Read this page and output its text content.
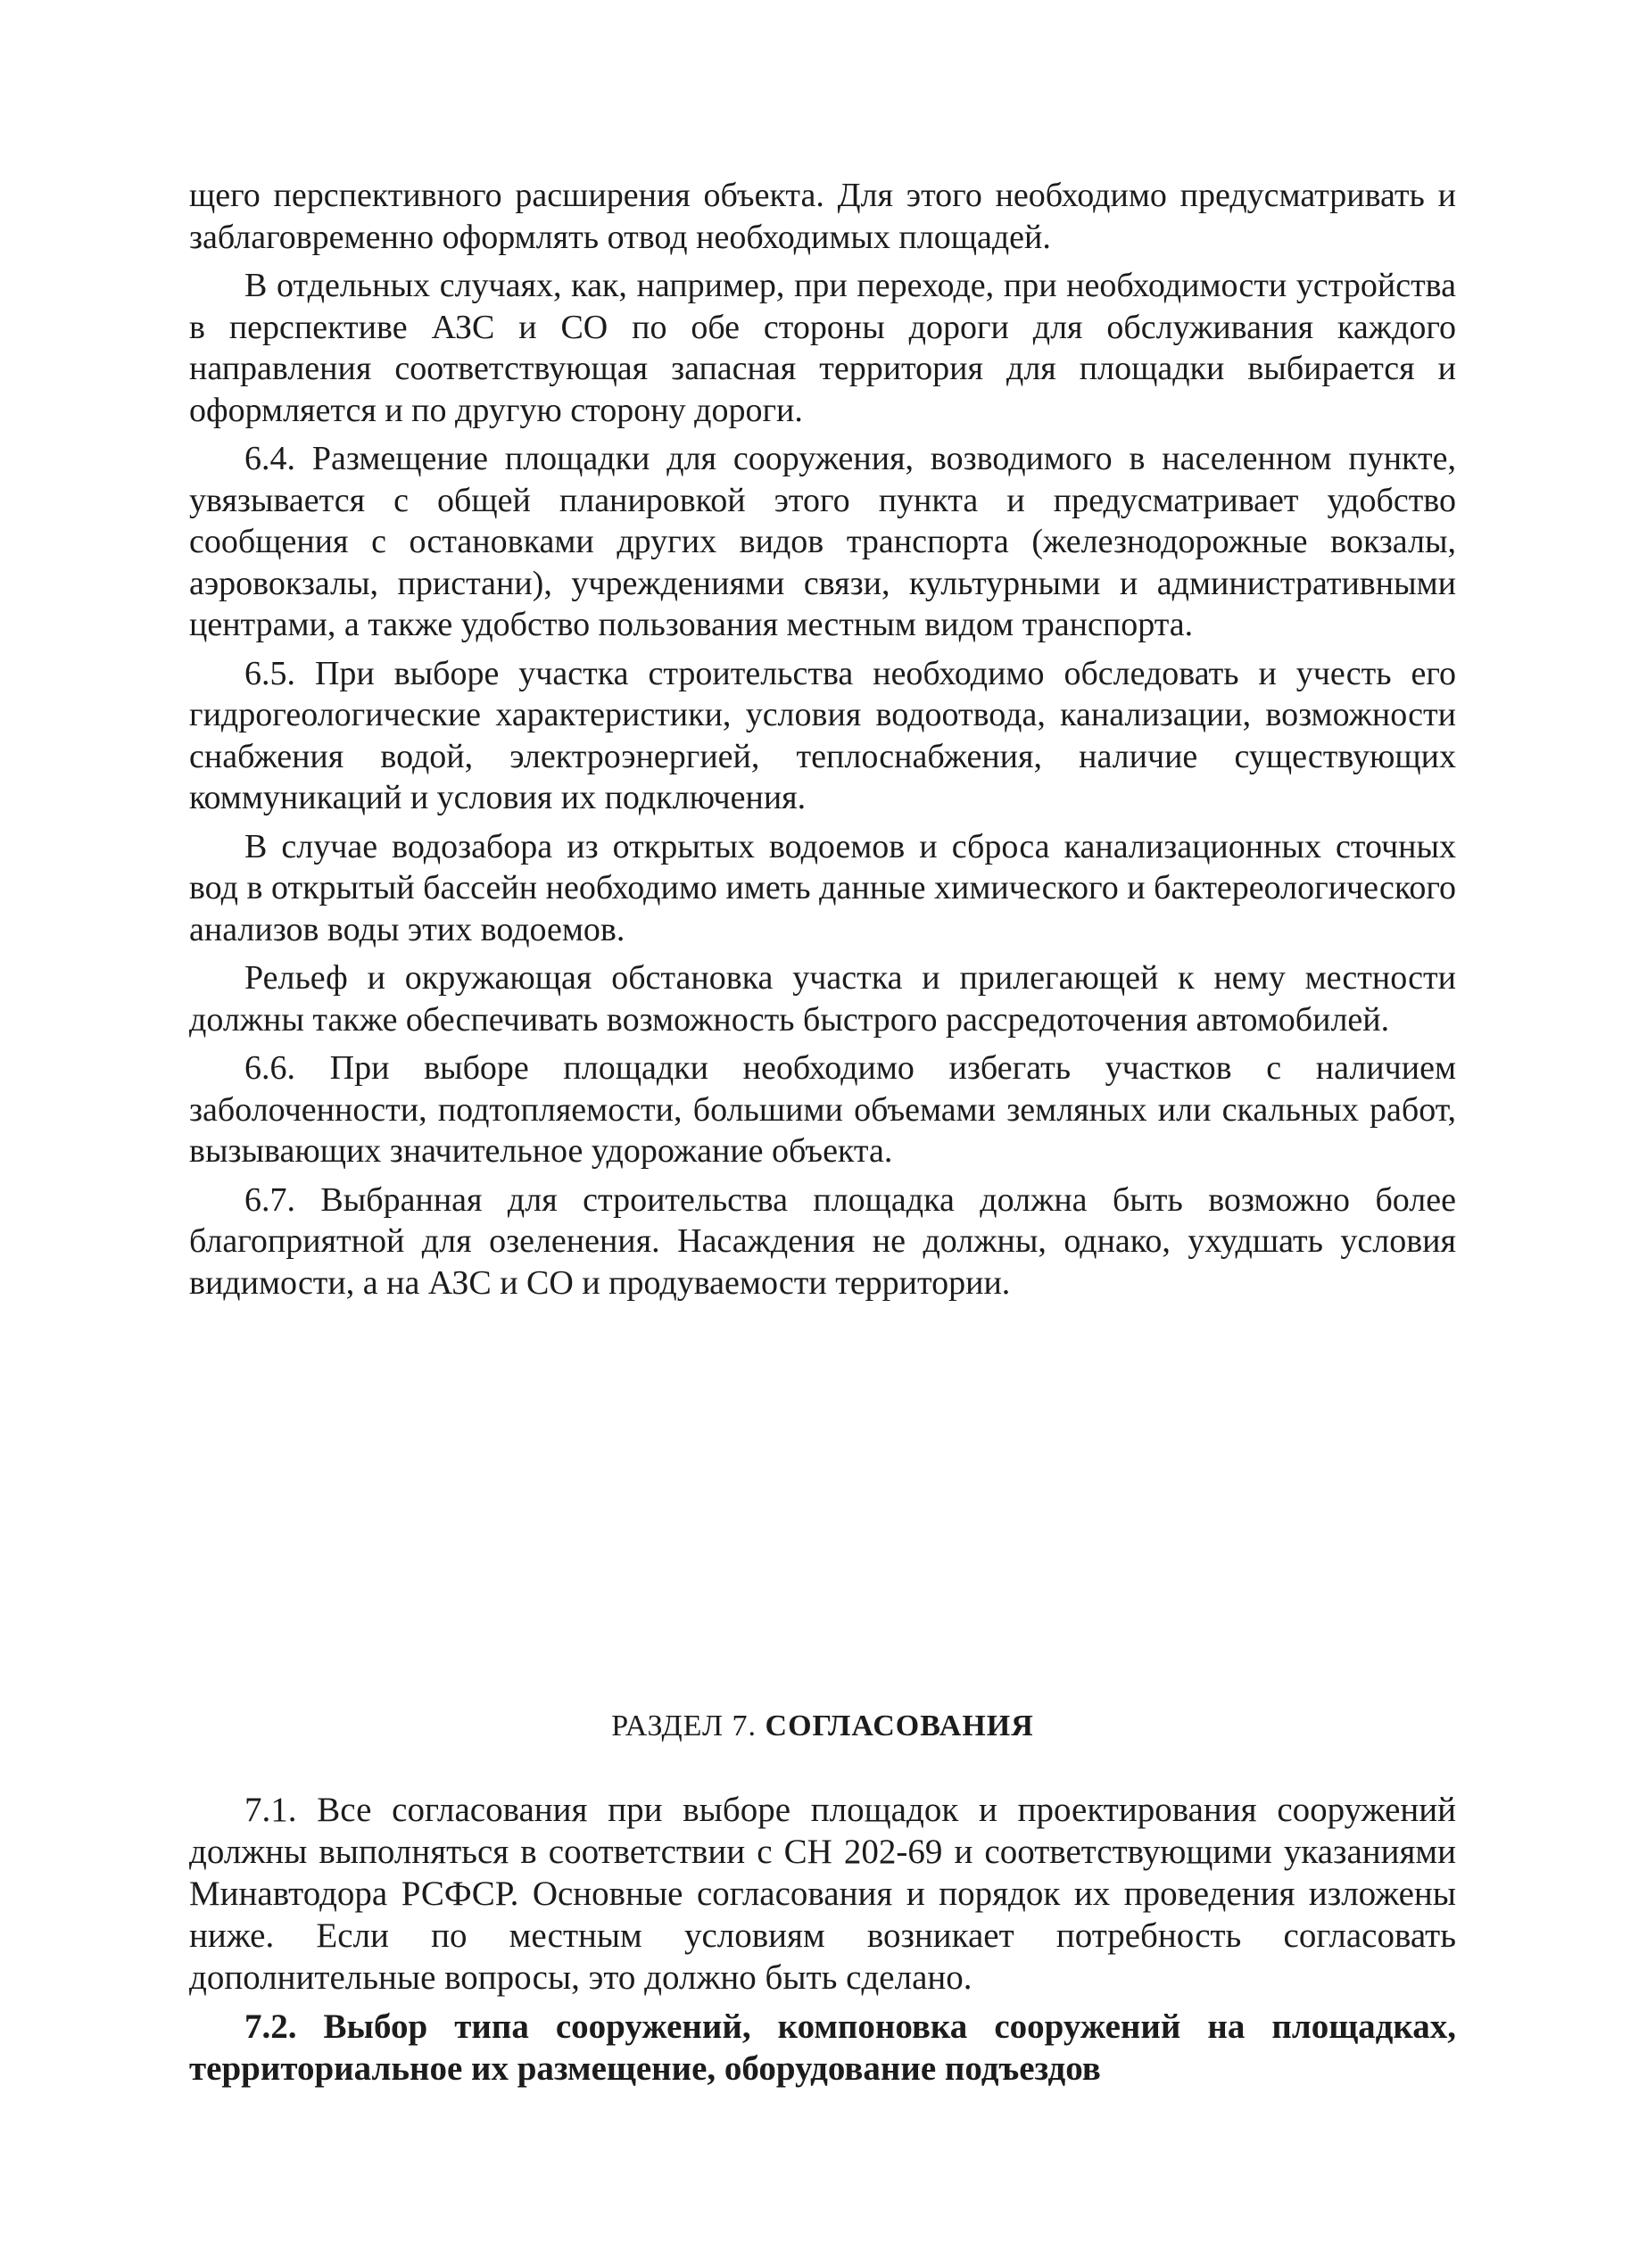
щего перспективного расширения объекта. Для этого необходимо предусматривать и заблаговременно оформлять отвод необходимых площадей.

В отдельных случаях, как, например, при переходе, при необходимости устройства в перспективе АЗС и СО по обе стороны дороги для обслуживания каждого направления соответствующая запасная территория для площадки выбирается и оформляется и по другую сторону дороги.

6.4. Размещение площадки для сооружения, возводимого в населенном пункте, увязывается с общей планировкой этого пункта и предусматривает удобство сообщения с остановками других видов транспорта (железнодорожные вокзалы, аэровокзалы, пристани), учреждениями связи, культурными и административными центрами, а также удобство пользования местным видом транспорта.

6.5. При выборе участка строительства необходимо обследовать и учесть его гидрогеологические характеристики, условия водоотвода, канализации, возможности снабжения водой, электроэнергией, теплоснабжения, наличие существующих коммуникаций и условия их подключения.

В случае водозабора из открытых водоемов и сброса канализационных сточных вод в открытый бассейн необходимо иметь данные химического и бактереологического анализов воды этих водоемов.

Рельеф и окружающая обстановка участка и прилегающей к нему местности должны также обеспечивать возможность быстрого рассредоточения автомобилей.

6.6. При выборе площадки необходимо избегать участков с наличием заболоченности, подтопляемости, большими объемами земляных или скальных работ, вызывающих значительное удорожание объекта.

6.7. Выбранная для строительства площадка должна быть возможно более благоприятной для озеленения. Насаждения не должны, однако, ухудшать условия видимости, а на АЗС и СО и продуваемости территории.

РАЗДЕЛ 7. СОГЛАСОВАНИЯ

7.1. Все согласования при выборе площадок и проектирования сооружений должны выполняться в соответствии с СН 202-69 и соответствующими указаниями Минавтодора РСФСР. Основные согласования и порядок их проведения изложены ниже. Если по местным условиям возникает потребность согласовать дополнительные вопросы, это должно быть сделано.

7.2. Выбор типа сооружений, компоновка сооружений на площадках, территориальное их размещение, оборудование подъездов
